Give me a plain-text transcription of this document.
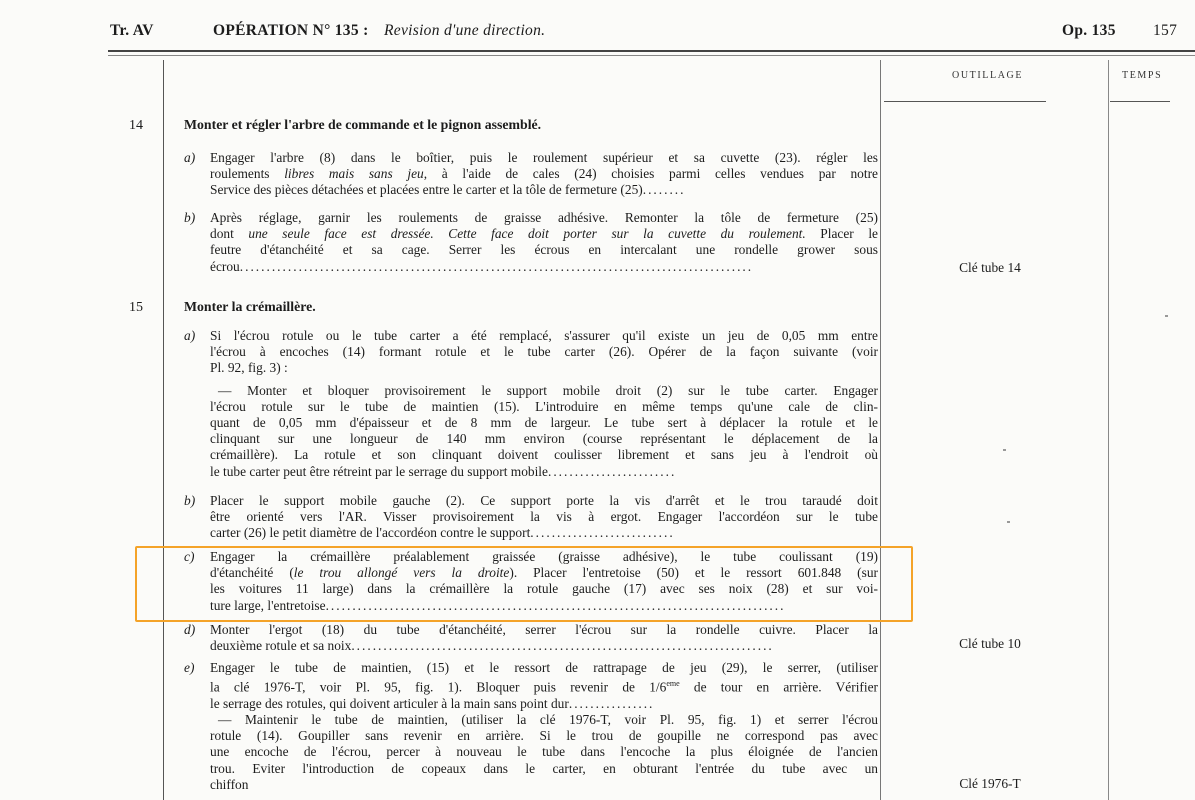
Tr. AV	OPÉRATION N° 135 : Revision d'une direction.	Op. 135 157
OUTILLAGE	TEMPS
14	Monter et régler l'arbre de commande et le pignon assemblé.
a) Engager l'arbre (8) dans le boîtier, puis le roulement supérieur et sa cuvette (23). régler les
roulements libres mais sans jeu, à l'aide de cales (24) choisies parmi celles vendues par notre
Service des pièces détachées et placées entre le carter et la tôle de fermeture (25)........
b) Après réglage, garnir les roulements de graisse adhésive. Remonter la tôle de fermeture (25)
dont une seule face est dressée. Cette face doit porter sur la cuvette du roulement. Placer le
feutre d'étanchéité et sa cage. Serrer les écrous en intercalant une rondelle grower sous
écrou................................................................................................	Clé tube 14
15	Monter la crémaillère.
a) Si l'écrou rotule ou le tube carter a été remplacé, s'assurer qu'il existe un jeu de 0,05 mm entre
l'écrou à encoches (14) formant rotule et le tube carter (26). Opérer de la façon suivante (voir
Pl. 92, fig. 3) :
— Monter et bloquer provisoirement le support mobile droit (2) sur le tube carter. Engager
l'écrou rotule sur le tube de maintien (15). L'introduire en même temps qu'une cale de clin-
quant de 0,05 mm d'épaisseur et de 8 mm de largeur. Le tube sert à déplacer la rotule et le
clinquant sur une longueur de 140 mm environ (course représentant le déplacement de la
crémaillère). La rotule et son clinquant doivent coulisser librement et sans jeu à l'endroit où
le tube carter peut être rétreint par le serrage du support mobile........................
b) Placer le support mobile gauche (2). Ce support porte la vis d'arrêt et le trou taraudé doit
être orienté vers l'AR. Visser provisoirement la vis à ergot. Engager l'accordéon sur le tube
carter (26) le petit diamètre de l'accordéon contre le support...........................
c) Engager la crémaillère préalablement graissée (graisse adhésive), le tube coulissant (19)
d'étanchéité (le trou allongé vers la droite). Placer l'entretoise (50) et le ressort 601.848 (sur
les voitures 11 large) dans la crémaillère la rotule gauche (17) avec ses noix (28) et sur voi-
ture large, l'entretoise......................................................................................
d) Monter l'ergot (18) du tube d'étanchéité, serrer l'écrou sur la rondelle cuivre. Placer la
deuxième rotule et sa noix...............................................................................	Clé tube 10
e) Engager le tube de maintien, (15) et le ressort de rattrapage de jeu (29), le serrer, (utiliser
la clé 1976-T, voir Pl. 95, fig. 1). Bloquer puis revenir de 1/6eme de tour en arrière. Vérifier
le serrage des rotules, qui doivent articuler à la main sans point dur................
— Maintenir le tube de maintien, (utiliser la clé 1976-T, voir Pl. 95, fig. 1) et serrer l'écrou
rotule (14). Goupiller sans revenir en arrière. Si le trou de goupille ne correspond pas avec
une encoche de l'écrou, percer à nouveau le tube dans l'encoche la plus éloignée de l'ancien
trou. Eviter l'introduction de copeaux dans le carter, en obturant l'entrée du tube avec un
chiffon	Clé 1976-T
